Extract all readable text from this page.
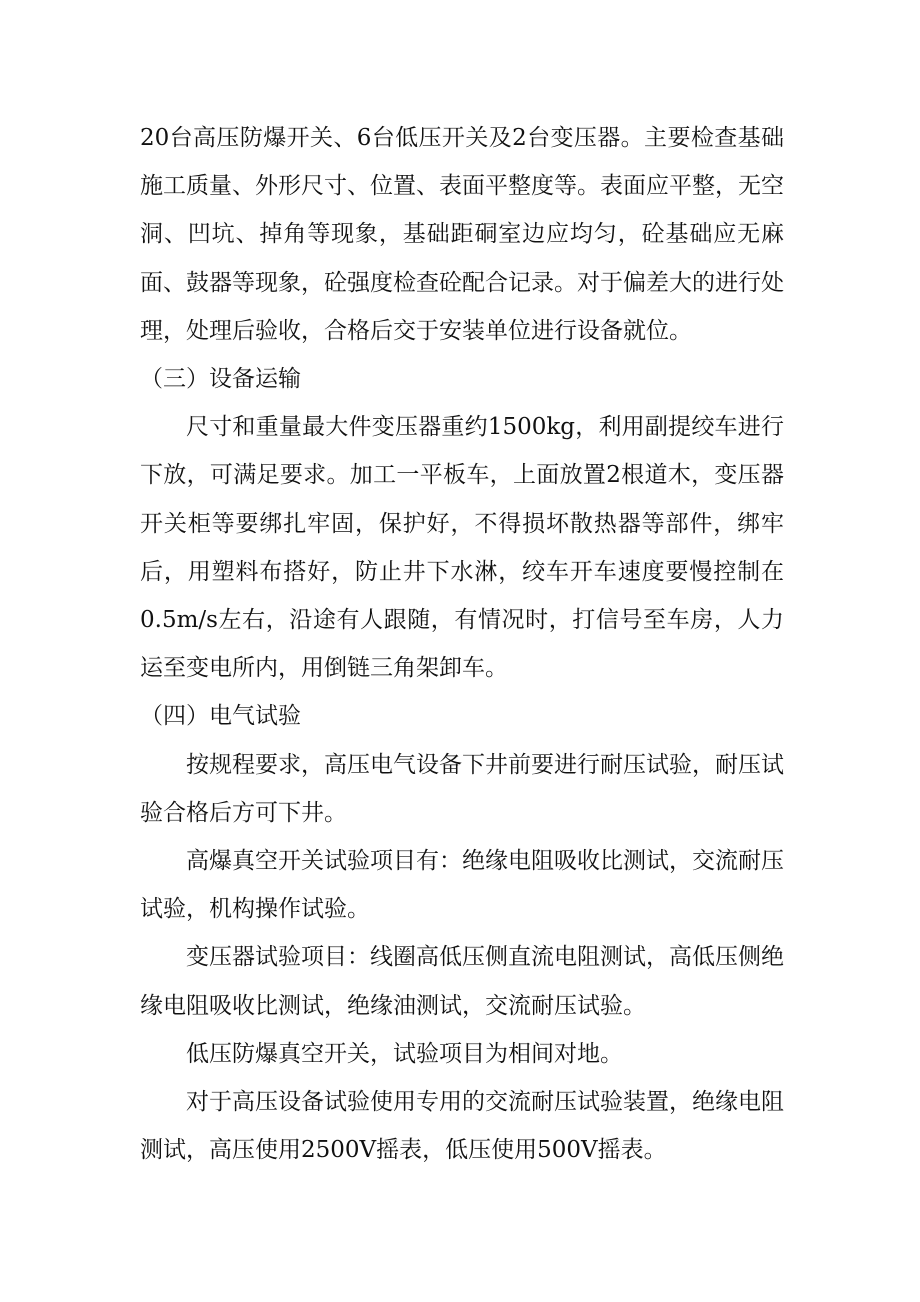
20台高压防爆开关、6台低压开关及2台变压器。主要检查基础施工质量、外形尺寸、位置、表面平整度等。表面应平整，无空洞、凹坑、掉角等现象，基础距硐室边应均匀，砼基础应无麻面、鼓器等现象，砼强度检查砼配合记录。对于偏差大的进行处理，处理后验收，合格后交于安装单位进行设备就位。

（三）设备运输

尺寸和重量最大件变压器重约1500kg，利用副提绞车进行下放，可满足要求。加工一平板车，上面放置2根道木，变压器开关柜等要绑扎牢固，保护好，不得损坏散热器等部件，绑牢后，用塑料布搭好，防止井下水淋，绞车开车速度要慢控制在0.5m/s左右，沿途有人跟随，有情况时，打信号至车房，人力运至变电所内，用倒链三角架卸车。

（四）电气试验

按规程要求，高压电气设备下井前要进行耐压试验，耐压试验合格后方可下井。

高爆真空开关试验项目有：绝缘电阻吸收比测试，交流耐压试验，机构操作试验。

变压器试验项目：线圈高低压侧直流电阻测试，高低压侧绝缘电阻吸收比测试，绝缘油测试，交流耐压试验。

低压防爆真空开关，试验项目为相间对地。

对于高压设备试验使用专用的交流耐压试验装置，绝缘电阻测试，高压使用2500V摇表，低压使用500V摇表。
